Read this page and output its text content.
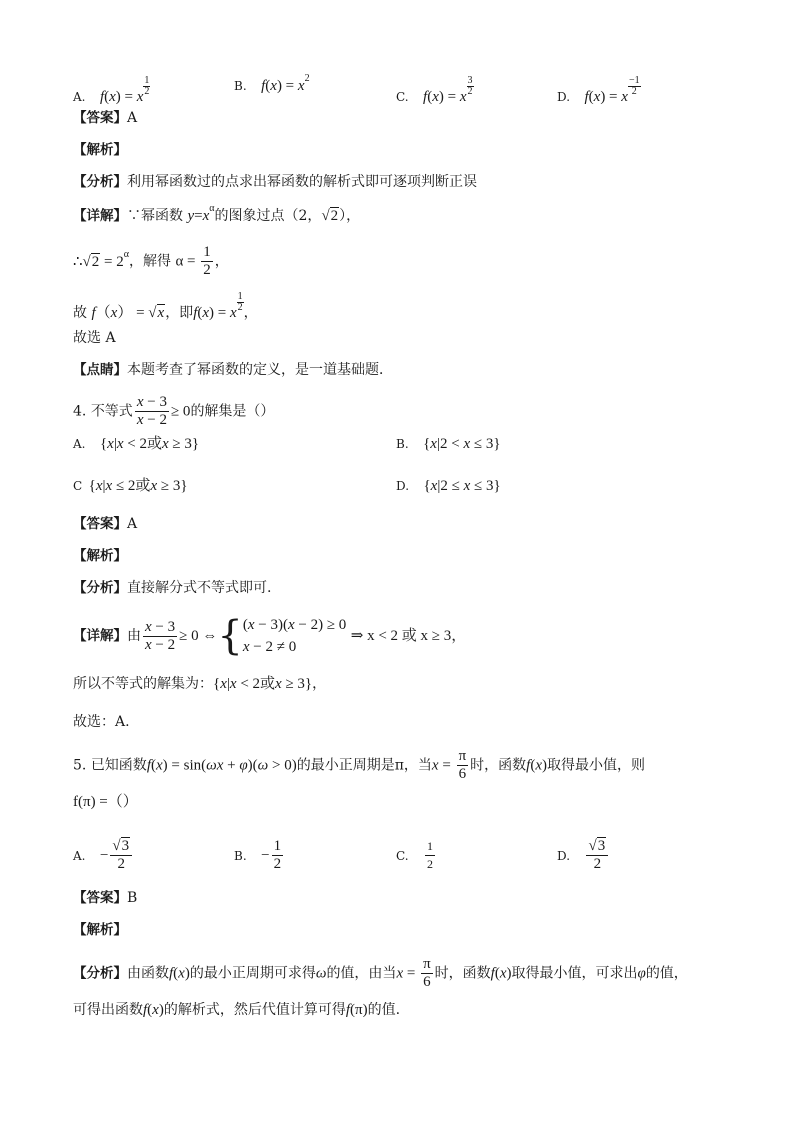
A. f(x) = x $\frac{1}{2}$	B. $f(x) = x^2$
C. f(x) = x $\frac{3}{2}$	D. f(x) = x $\frac{-1}{2}$
【答案】A
【解析】
【分析】利用幂函数过的点求出幂函数的解析式即可逐项判断正误
【详解】∵幂函数 $y=x^\alpha$的图象过点（2，√2），
∴√2 = $2^\alpha$，解得 $\alpha = \frac{1}{2}$ ，
故 f（x） = √x，即f(x) = x $\frac{1}{2}$ ，
故选 A
【点睛】本题考查了幂函数的定义，是一道基础题．
4. 不等式 $\frac{x - 3}{x - 2} \ge 0$的解集是（）
A. {x|x < 2或x ≥ 3}	B. {x|2 < x ≤ 3}
C {x|x ≤ 2或x ≥ 3}	D. {x|2 ≤ x ≤ 3}
【答案】A
【解析】
【分析】直接解分式不等式即可.
【详解】由 $\frac{x - 3}{x - 2} \ge 0$ ⇔{ (x − 3)(x − 2) ≥ 0
x − 2 ≠ 0
⇒ x < 2 或 x ≥ 3，
所以不等式的解集为：{x|x < 2或x ≥ 3}，
故选：A.
5. 已知函数f(x) = sin(ωx + φ)(ω > 0)的最小正周期是π，当$x = \frac{\pi}{6}$ 时，函数f(x)取得最小值，则
f(π) =（）
A. − $\frac{√3}{2}$	B. − $\frac{1}{2}$	C. $\frac{1}{2}$	D. $\frac{√3}{2}$
【答案】B
【解析】
【分析】由函数f(x)的最小正周期可求得ω的值，由当$x = \frac{\pi}{6}$ 时，函数f(x)取得最小值，可求出φ的值，
可得出函数f(x)的解析式，然后代值计算可得f(π)的值.
